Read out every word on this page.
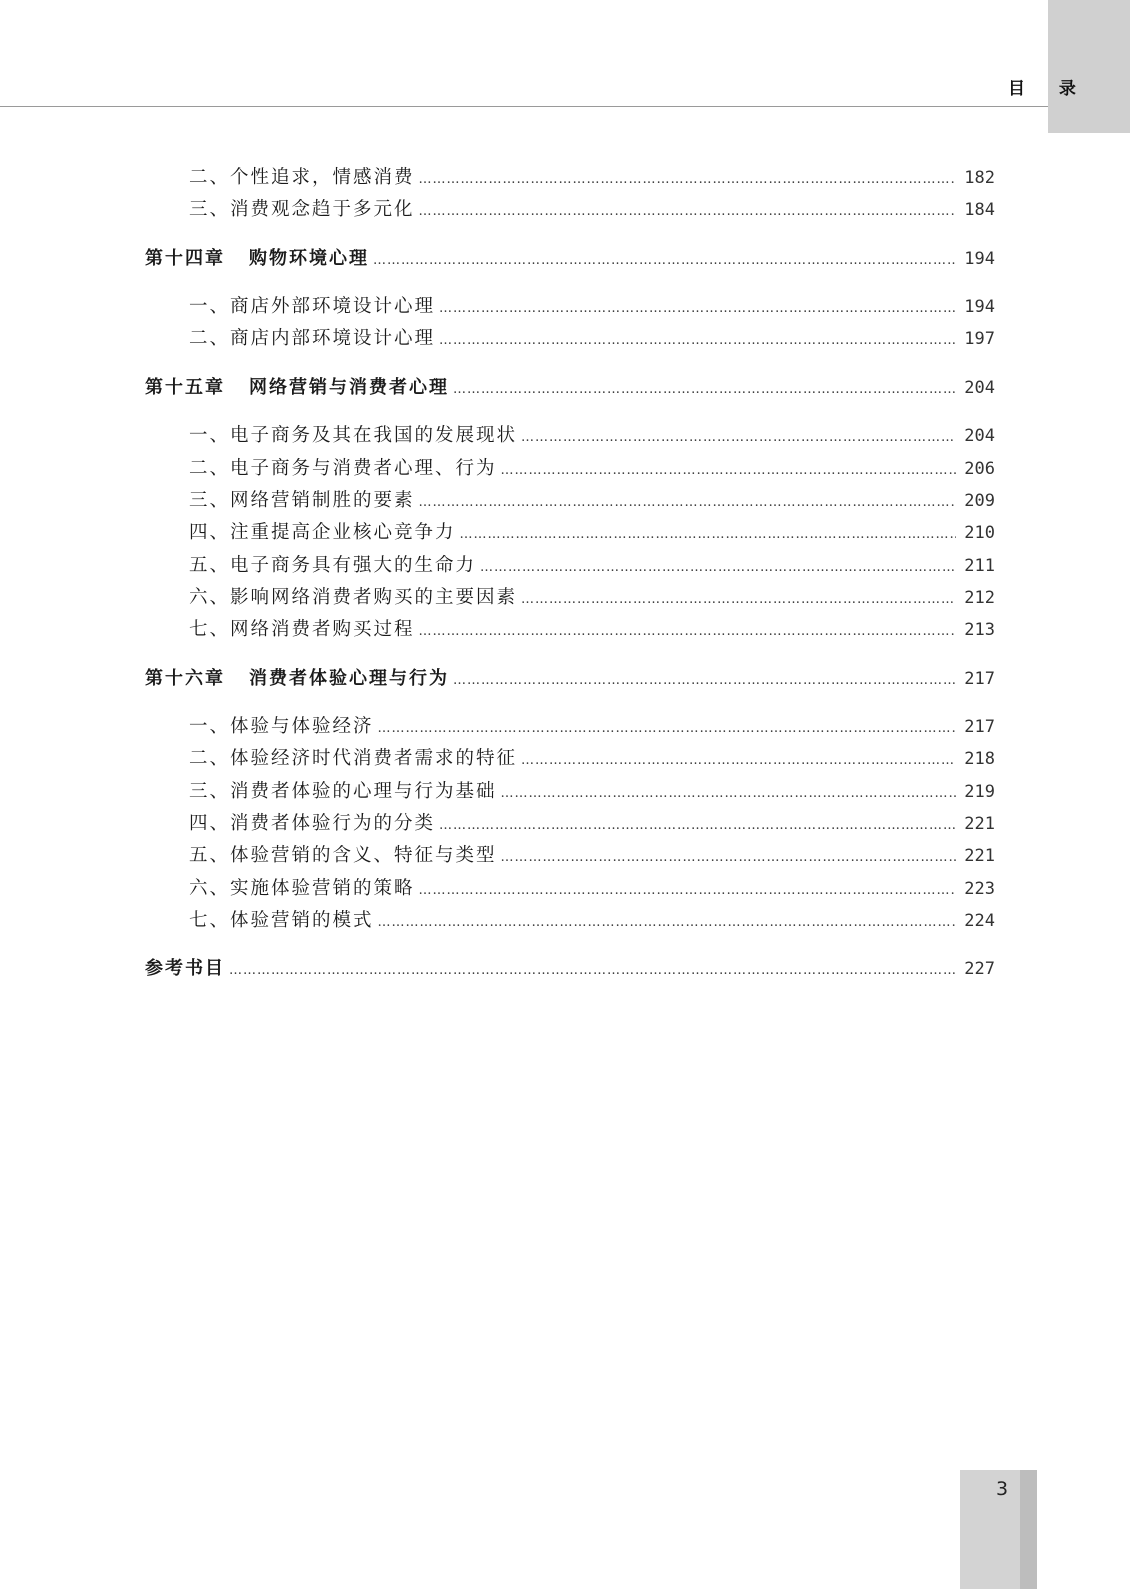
目 录
二、个性追求，情感消费 …………………………………………………………………………………………………………………………………………………………………………………………………………………………………	182
三、消费观念趋于多元化 …………………………………………………………………………………………………………………………………………………………………………………………………………………………………	184
第十四章 购物环境心理 …………………………………………………………………………………………………………………………………………………………………………………………………………………………………	194
一、商店外部环境设计心理 …………………………………………………………………………………………………………………………………………………………………………………………………………………………………	194
二、商店内部环境设计心理 …………………………………………………………………………………………………………………………………………………………………………………………………………………………………	197
第十五章 网络营销与消费者心理 …………………………………………………………………………………………………………………………………………………………………………………………………………………………………	204
一、电子商务及其在我国的发展现状 …………………………………………………………………………………………………………………………………………………………………………………………………………………………………	204
二、电子商务与消费者心理、行为 …………………………………………………………………………………………………………………………………………………………………………………………………………………………………	206
三、网络营销制胜的要素 …………………………………………………………………………………………………………………………………………………………………………………………………………………………………	209
四、注重提高企业核心竞争力 …………………………………………………………………………………………………………………………………………………………………………………………………………………………………	210
五、电子商务具有强大的生命力 …………………………………………………………………………………………………………………………………………………………………………………………………………………………………	211
六、影响网络消费者购买的主要因素 …………………………………………………………………………………………………………………………………………………………………………………………………………………………………	212
七、网络消费者购买过程 …………………………………………………………………………………………………………………………………………………………………………………………………………………………………	213
第十六章 消费者体验心理与行为 …………………………………………………………………………………………………………………………………………………………………………………………………………………………………	217
一、体验与体验经济 …………………………………………………………………………………………………………………………………………………………………………………………………………………………………	217
二、体验经济时代消费者需求的特征 …………………………………………………………………………………………………………………………………………………………………………………………………………………………………	218
三、消费者体验的心理与行为基础 …………………………………………………………………………………………………………………………………………………………………………………………………………………………………	219
四、消费者体验行为的分类 …………………………………………………………………………………………………………………………………………………………………………………………………………………………………	221
五、体验营销的含义、特征与类型 …………………………………………………………………………………………………………………………………………………………………………………………………………………………………	221
六、实施体验营销的策略 …………………………………………………………………………………………………………………………………………………………………………………………………………………………………	223
七、体验营销的模式 …………………………………………………………………………………………………………………………………………………………………………………………………………………………………	224
参考书目 …………………………………………………………………………………………………………………………………………………………………………………………………………………………………	227
3
